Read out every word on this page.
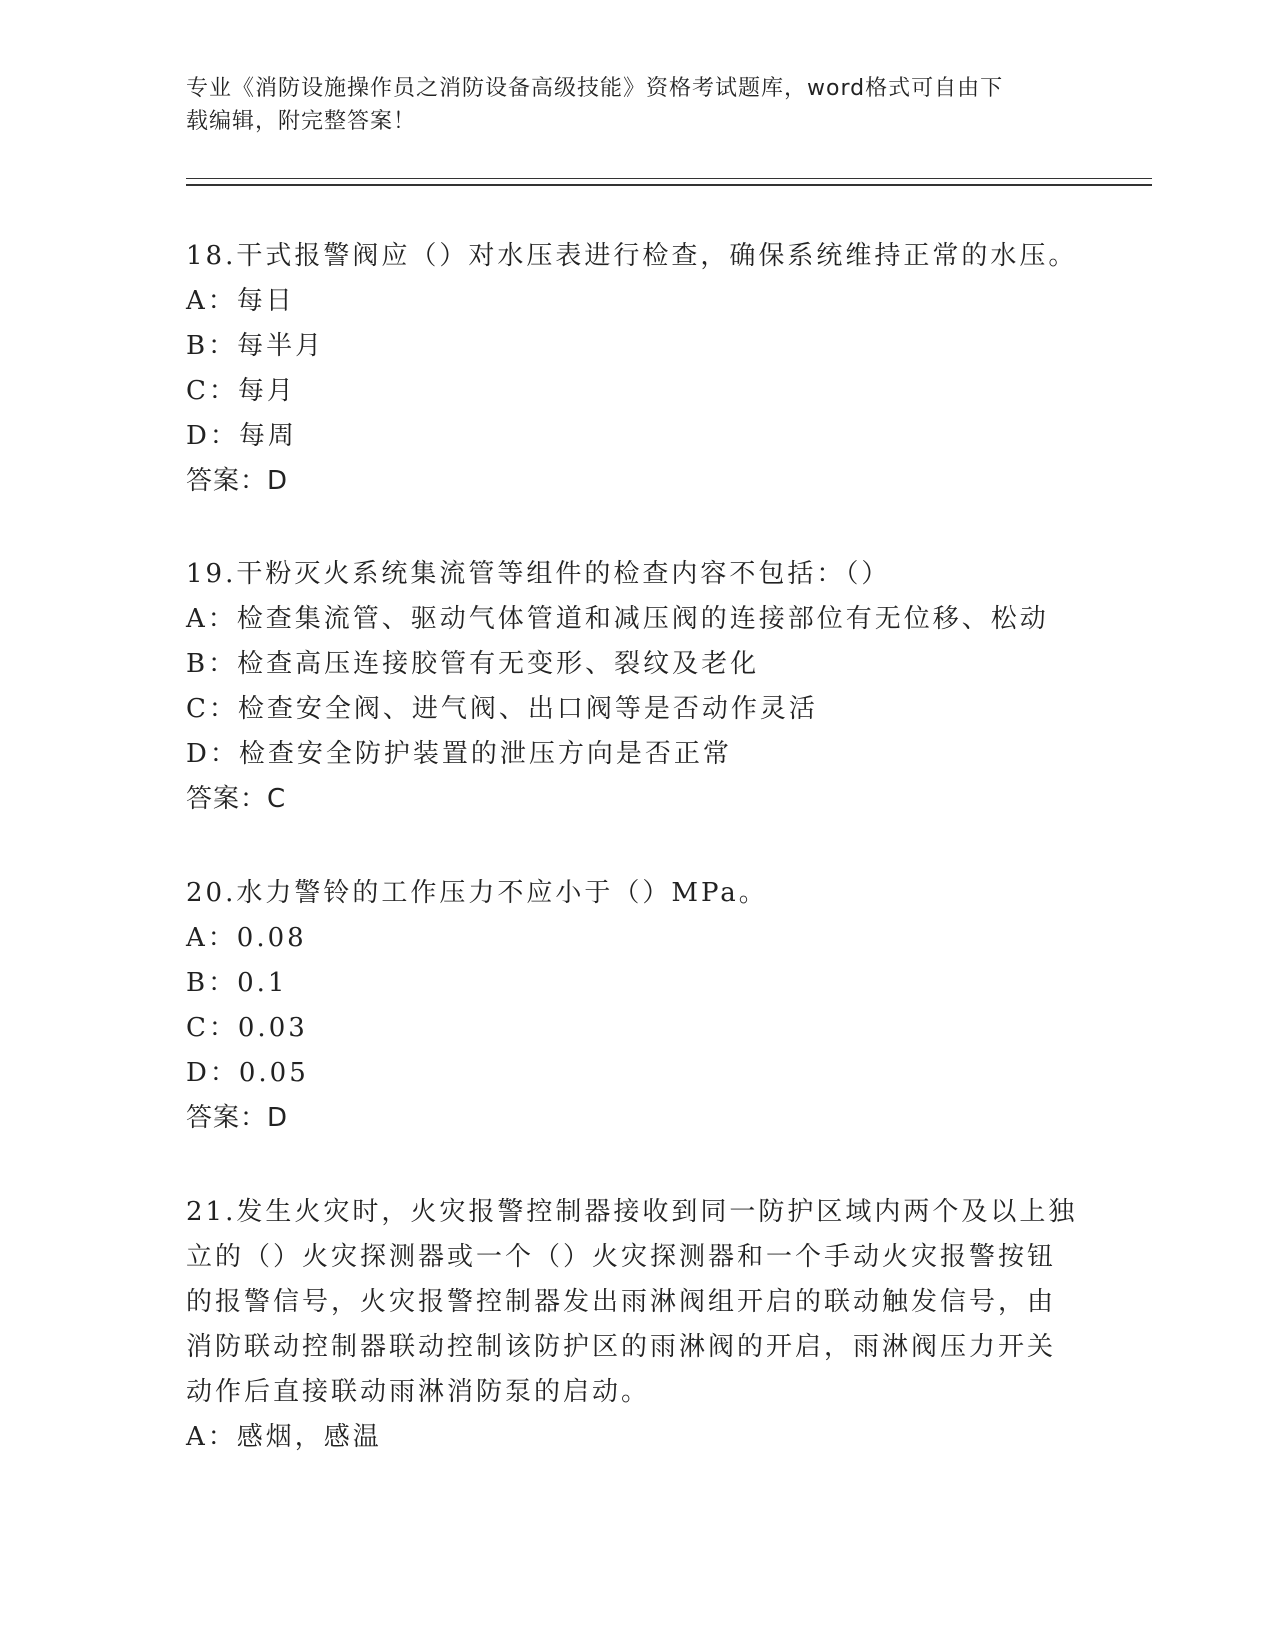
专业《消防设施操作员之消防设备高级技能》资格考试题库，word格式可自由下
载编辑，附完整答案！

18.干式报警阀应（）对水压表进行检查，确保系统维持正常的水压。

A：每日

B：每半月

C：每月

D：每周

答案：D

19.干粉灭火系统集流管等组件的检查内容不包括：（）

A：检查集流管、驱动气体管道和减压阀的连接部位有无位移、松动

B：检查高压连接胶管有无变形、裂纹及老化

C：检查安全阀、进气阀、出口阀等是否动作灵活

D：检查安全防护装置的泄压方向是否正常

答案：C

20.水力警铃的工作压力不应小于（）MPa。

A：0.08

B：0.1

C：0.03

D：0.05

答案：D

21.发生火灾时，火灾报警控制器接收到同一防护区域内两个及以上独

立的（）火灾探测器或一个（）火灾探测器和一个手动火灾报警按钮

的报警信号，火灾报警控制器发出雨淋阀组开启的联动触发信号，由

消防联动控制器联动控制该防护区的雨淋阀的开启，雨淋阀压力开关

动作后直接联动雨淋消防泵的启动。

A：感烟，感温
